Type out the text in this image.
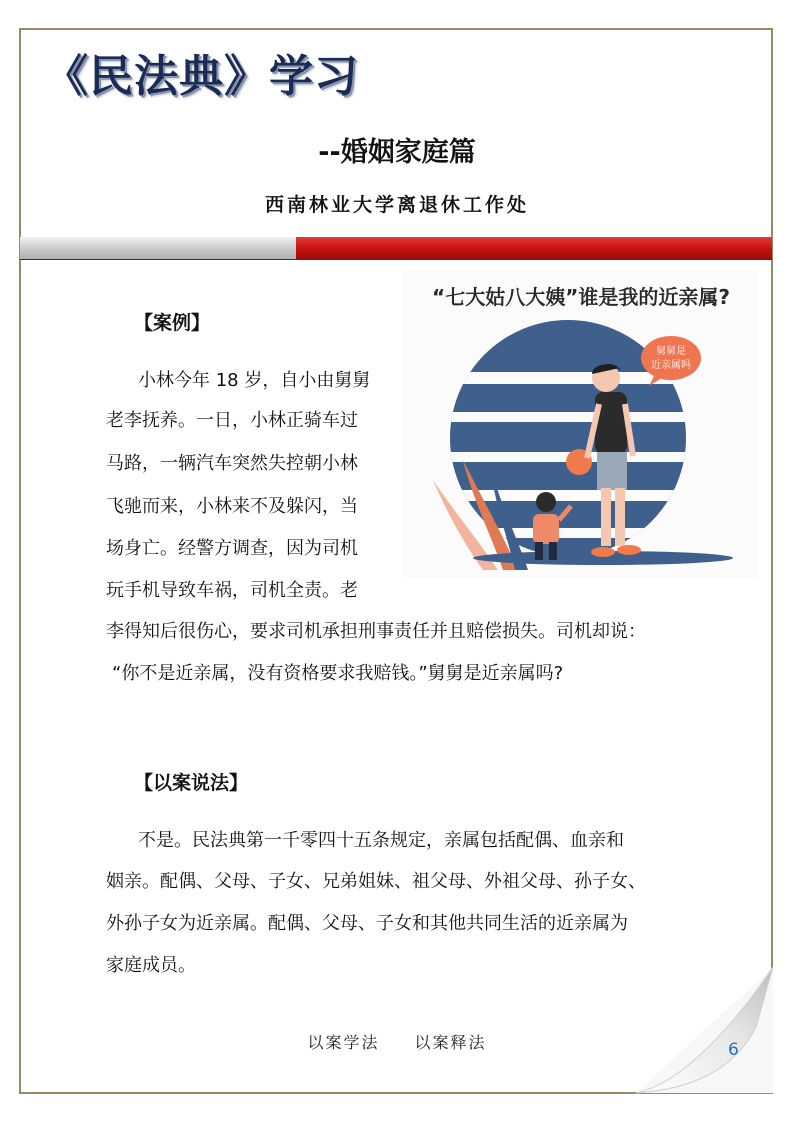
《民法典》学习
--婚姻家庭篇
西南林业大学离退休工作处
【案例】
小林今年 18 岁，自小由舅舅
老李抚养。一日，小林正骑车过
马路，一辆汽车突然失控朝小林
飞驰而来，小林来不及躲闪，当
场身亡。经警方调查，因为司机
玩手机导致车祸，司机全责。老
李得知后很伤心，要求司机承担刑事责任并且赔偿损失。司机却说：
“你不是近亲属，没有资格要求我赔钱。”舅舅是近亲属吗?
“七大姑八大姨”谁是我的近亲属?
舅舅是
近亲属吗
【以案说法】
不是。民法典第一千零四十五条规定，亲属包括配偶、血亲和
姻亲。配偶、父母、子女、兄弟姐妹、祖父母、外祖父母、孙子女、
外孙子女为近亲属。配偶、父母、子女和其他共同生活的近亲属为
家庭成员。
以案学法 以案释法	6
